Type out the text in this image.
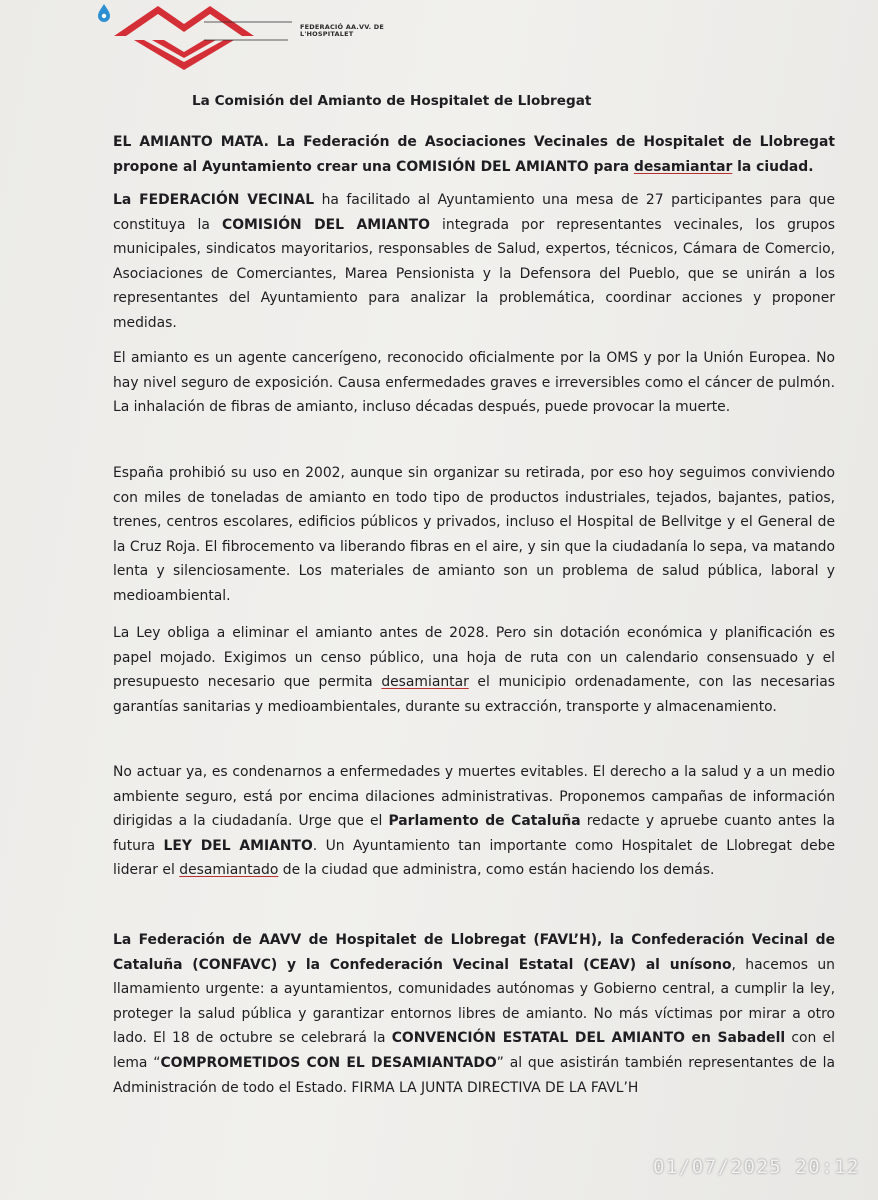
FEDERACIÓ AA.VV. DE L'HOSPITALET
La Comisión del Amianto de Hospitalet de Llobregat

EL AMIANTO MATA. La Federación de Asociaciones Vecinales de Hospitalet de Llobregat propone al Ayuntamiento crear una COMISIÓN DEL AMIANTO para desamiantar la ciudad.

La FEDERACIÓN VECINAL ha facilitado al Ayuntamiento una mesa de 27 participantes para que constituya la COMISIÓN DEL AMIANTO integrada por representantes vecinales, los grupos municipales, sindicatos mayoritarios, responsables de Salud, expertos, técnicos, Cámara de Comercio, Asociaciones de Comerciantes, Marea Pensionista y la Defensora del Pueblo, que se unirán a los representantes del Ayuntamiento para analizar la problemática, coordinar acciones y proponer medidas.

El amianto es un agente cancerígeno, reconocido oficialmente por la OMS y por la Unión Europea. No hay nivel seguro de exposición. Causa enfermedades graves e irreversibles como el cáncer de pulmón. La inhalación de fibras de amianto, incluso décadas después, puede provocar la muerte.

España prohibió su uso en 2002, aunque sin organizar su retirada, por eso hoy seguimos conviviendo con miles de toneladas de amianto en todo tipo de productos industriales, tejados, bajantes, patios, trenes, centros escolares, edificios públicos y privados, incluso el Hospital de Bellvitge y el General de la Cruz Roja. El fibrocemento va liberando fibras en el aire, y sin que la ciudadanía lo sepa, va matando lenta y silenciosamente. Los materiales de amianto son un problema de salud pública, laboral y medioambiental.

La Ley obliga a eliminar el amianto antes de 2028. Pero sin dotación económica y planificación es papel mojado. Exigimos un censo público, una hoja de ruta con un calendario consensuado y el presupuesto necesario que permita desamiantar el municipio ordenadamente, con las necesarias garantías sanitarias y medioambientales, durante su extracción, transporte y almacenamiento.

No actuar ya, es condenarnos a enfermedades y muertes evitables. El derecho a la salud y a un medio ambiente seguro, está por encima dilaciones administrativas. Proponemos campañas de información dirigidas a la ciudadanía. Urge que el Parlamento de Cataluña redacte y apruebe cuanto antes la futura LEY DEL AMIANTO. Un Ayuntamiento tan importante como Hospitalet de Llobregat debe liderar el desamiantado de la ciudad que administra, como están haciendo los demás.

La Federación de AAVV de Hospitalet de Llobregat (FAVL’H), la Confederación Vecinal de Cataluña (CONFAVC) y la Confederación Vecinal Estatal (CEAV) al unísono, hacemos un llamamiento urgente: a ayuntamientos, comunidades autónomas y Gobierno central, a cumplir la ley, proteger la salud pública y garantizar entornos libres de amianto. No más víctimas por mirar a otro lado. El 18 de octubre se celebrará la CONVENCIÓN ESTATAL DEL AMIANTO en Sabadell con el lema “COMPROMETIDOS CON EL DESAMIANTADO” al que asistirán también representantes de la Administración de todo el Estado. FIRMA LA JUNTA DIRECTIVA DE LA FAVL’H

01/07/2025 20:12
